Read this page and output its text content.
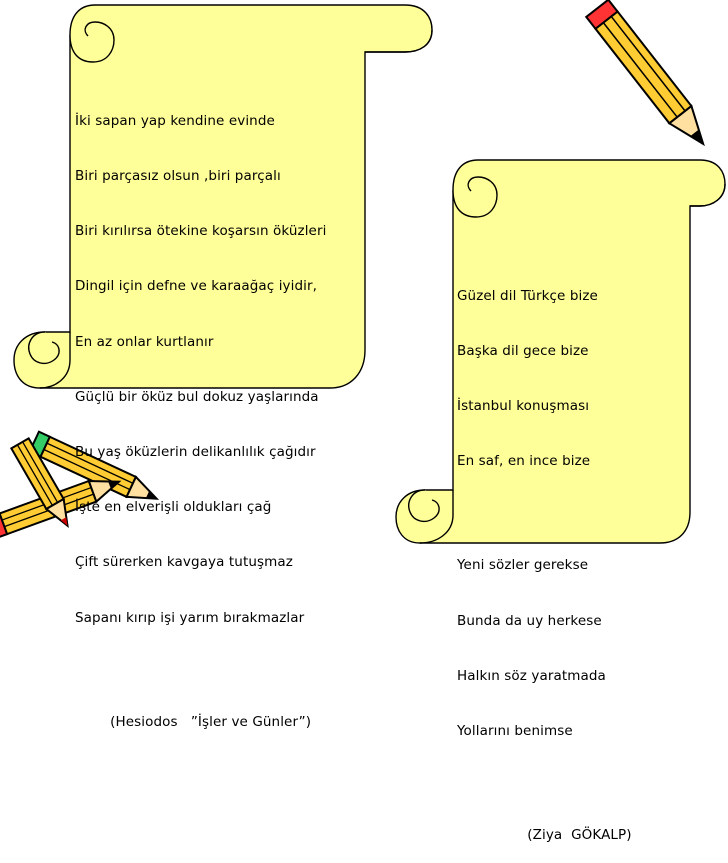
İki sapan yap kendine evinde

Biri parçasız olsun ,biri parçalı

Biri kırılırsa ötekine koşarsın öküzleri

Dingil için defne ve karaağaç iyidir,

En az onlar kurtlanır

Güçlü bir öküz bul dokuz yaşlarında

Bu yaş öküzlerin delikanlılık çağıdır

İşte en elverişli oldukları çağ

Çift sürerken kavgaya tutuşmaz

Sapanı kırıp işi yarım bırakmazlar

(Hesiodos   ”İşler ve Günler”)

Güzel dil Türkçe bize

Başka dil gece bize

İstanbul konuşması

En saf, en ince bize

Yeni sözler gerekse

Bunda da uy herkese

Halkın söz yaratmada

Yollarını benimse

(Ziya  GÖKALP)
